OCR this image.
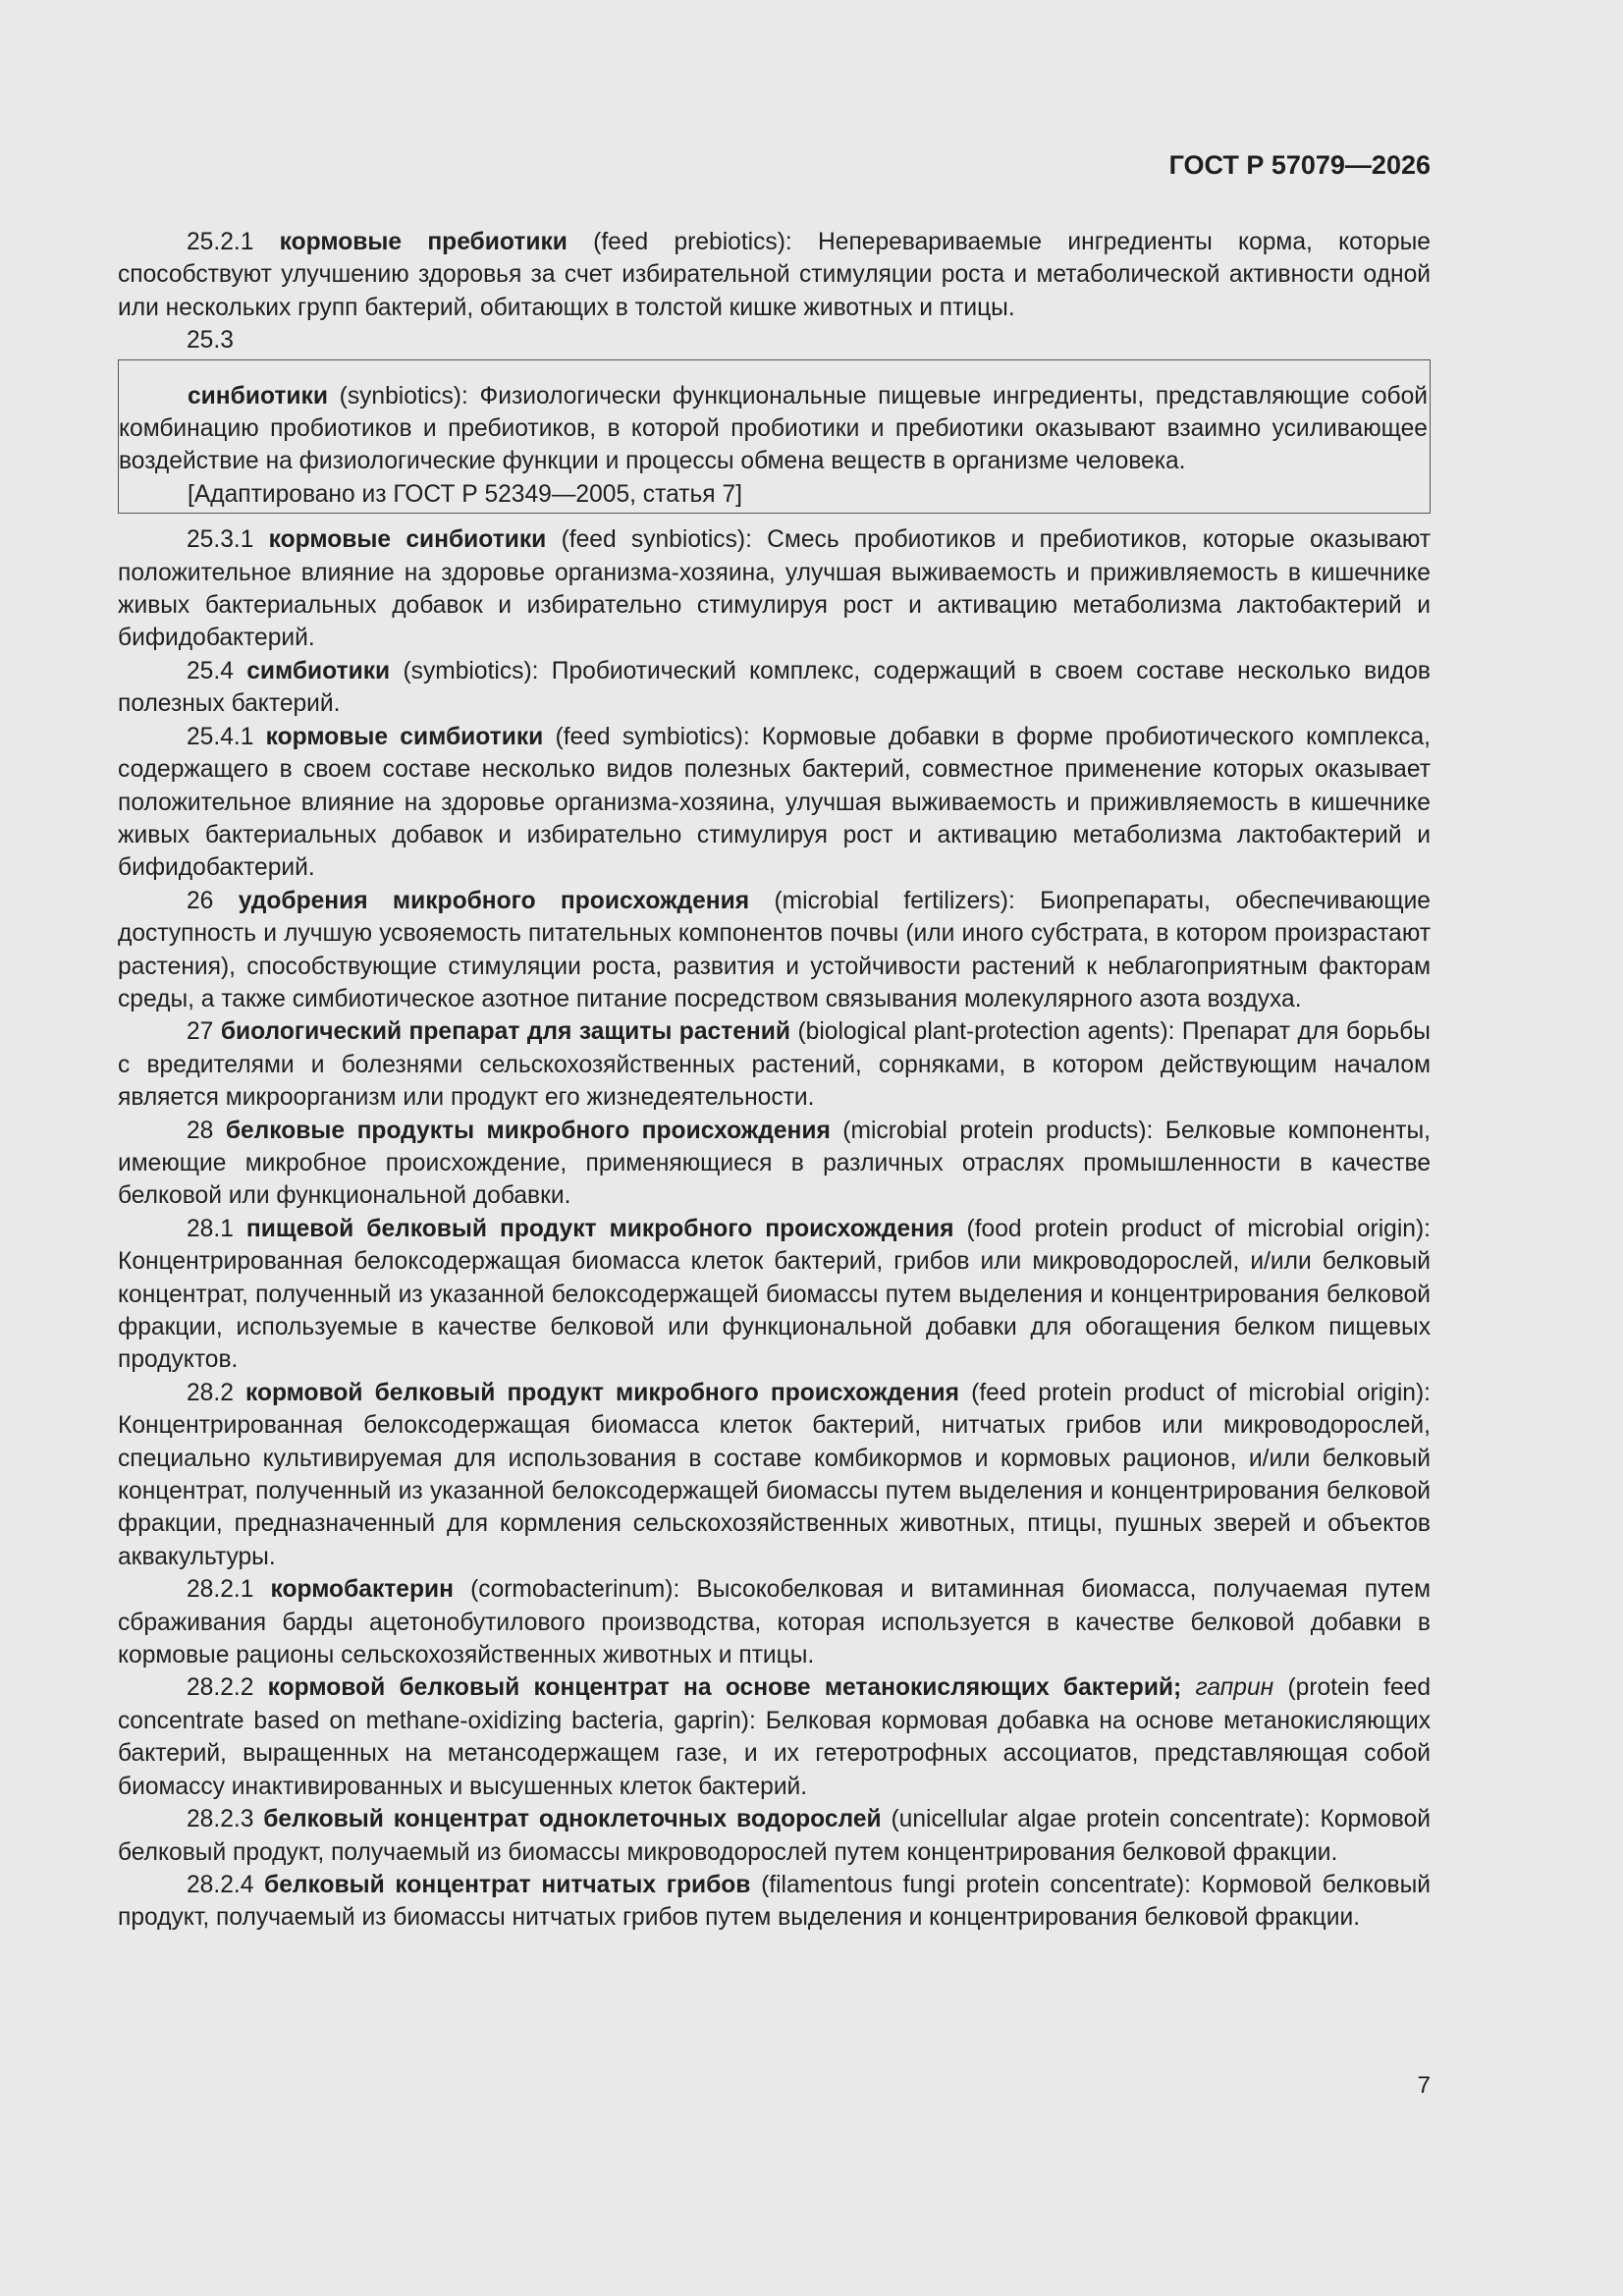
ГОСТ Р 57079—2026

25.2.1 кормовые пребиотики (feed prebiotics): Неперевариваемые ингредиенты корма, которые способствуют улучшению здоровья за счет избирательной стимуляции роста и метаболической активности одной или нескольких групп бактерий, обитающих в толстой кишке животных и птицы.

25.3

синбиотики (synbiotics): Физиологически функциональные пищевые ингредиенты, представляющие собой комбинацию пробиотиков и пребиотиков, в которой пробиотики и пребиотики оказывают взаимно усиливающее воздействие на физиологические функции и процессы обмена веществ в организме человека.

[Адаптировано из ГОСТ Р 52349—2005, статья 7]

25.3.1 кормовые синбиотики (feed synbiotics): Смесь пробиотиков и пребиотиков, которые оказывают положительное влияние на здоровье организма-хозяина, улучшая выживаемость и приживляемость в кишечнике живых бактериальных добавок и избирательно стимулируя рост и активацию метаболизма лактобактерий и бифидобактерий.

25.4 симбиотики (symbiotics): Пробиотический комплекс, содержащий в своем составе несколько видов полезных бактерий.

25.4.1 кормовые симбиотики (feed symbiotics): Кормовые добавки в форме пробиотического комплекса, содержащего в своем составе несколько видов полезных бактерий, совместное применение которых оказывает положительное влияние на здоровье организма-хозяина, улучшая выживаемость и приживляемость в кишечнике живых бактериальных добавок и избирательно стимулируя рост и активацию метаболизма лактобактерий и бифидобактерий.

26 удобрения микробного происхождения (microbial fertilizers): Биопрепараты, обеспечивающие доступность и лучшую усвояемость питательных компонентов почвы (или иного субстрата, в котором произрастают растения), способствующие стимуляции роста, развития и устойчивости растений к неблагоприятным факторам среды, а также симбиотическое азотное питание посредством связывания молекулярного азота воздуха.

27 биологический препарат для защиты растений (biological plant-protection agents): Препарат для борьбы с вредителями и болезнями сельскохозяйственных растений, сорняками, в котором действующим началом является микроорганизм или продукт его жизнедеятельности.

28 белковые продукты микробного происхождения (microbial protein products): Белковые компоненты, имеющие микробное происхождение, применяющиеся в различных отраслях промышленности в качестве белковой или функциональной добавки.

28.1 пищевой белковый продукт микробного происхождения (food protein product of microbial origin): Концентрированная белоксодержащая биомасса клеток бактерий, грибов или микроводорослей, и/или белковый концентрат, полученный из указанной белоксодержащей биомассы путем выделения и концентрирования белковой фракции, используемые в качестве белковой или функциональной добавки для обогащения белком пищевых продуктов.

28.2 кормовой белковый продукт микробного происхождения (feed protein product of microbial origin): Концентрированная белоксодержащая биомасса клеток бактерий, нитчатых грибов или микроводорослей, специально культивируемая для использования в составе комбикормов и кормовых рационов, и/или белковый концентрат, полученный из указанной белоксодержащей биомассы путем выделения и концентрирования белковой фракции, предназначенный для кормления сельскохозяйственных животных, птицы, пушных зверей и объектов аквакультуры.

28.2.1 кормобактерин (cormobacterinum): Высокобелковая и витаминная биомасса, получаемая путем сбраживания барды ацетонобутилового производства, которая используется в качестве белковой добавки в кормовые рационы сельскохозяйственных животных и птицы.

28.2.2 кормовой белковый концентрат на основе метанокисляющих бактерий; гаприн (protein feed concentrate based on methane-oxidizing bacteria, gaprin): Белковая кормовая добавка на основе метанокисляющих бактерий, выращенных на метансодержащем газе, и их гетеротрофных ассоциатов, представляющая собой биомассу инактивированных и высушенных клеток бактерий.

28.2.3 белковый концентрат одноклеточных водорослей (unicellular algae protein concentrate): Кормовой белковый продукт, получаемый из биомассы микроводорослей путем концентрирования белковой фракции.

28.2.4 белковый концентрат нитчатых грибов (filamentous fungi protein concentrate): Кормовой белковый продукт, получаемый из биомассы нитчатых грибов путем выделения и концентрирования белковой фракции.

7
